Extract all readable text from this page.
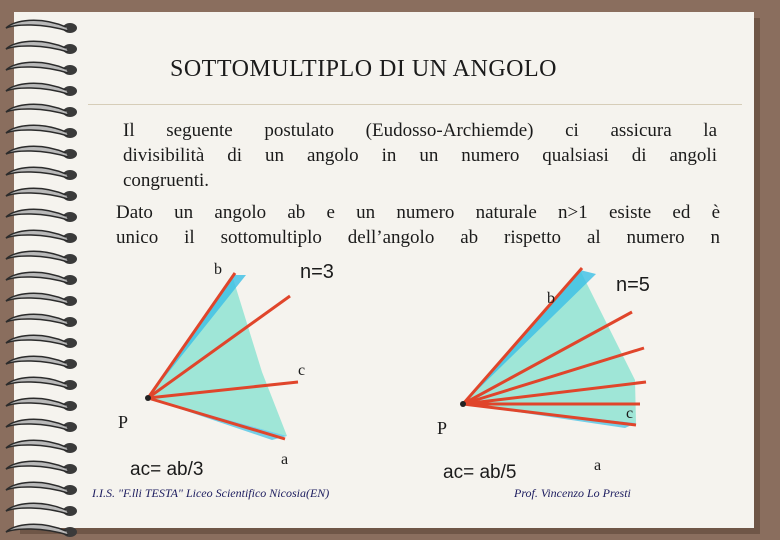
SOTTOMULTIPLO DI UN ANGOLO
Il seguente postulato (Eudosso-Archiemde) ci assicura la
divisibilità di un angolo in un numero qualsiasi di angoli
congruenti.
Dato un angolo ab e un numero naturale n>1 esiste ed è
unico il sottomultiplo dell’angolo ab rispetto al numero n
b	n=3
c
P
a
ac= ab/3
b
n=5
c
P
a
ac= ab/5
I.I.S. "F.lli TESTA" Liceo Scientifico Nicosia(EN)	Prof. Vincenzo Lo Presti
